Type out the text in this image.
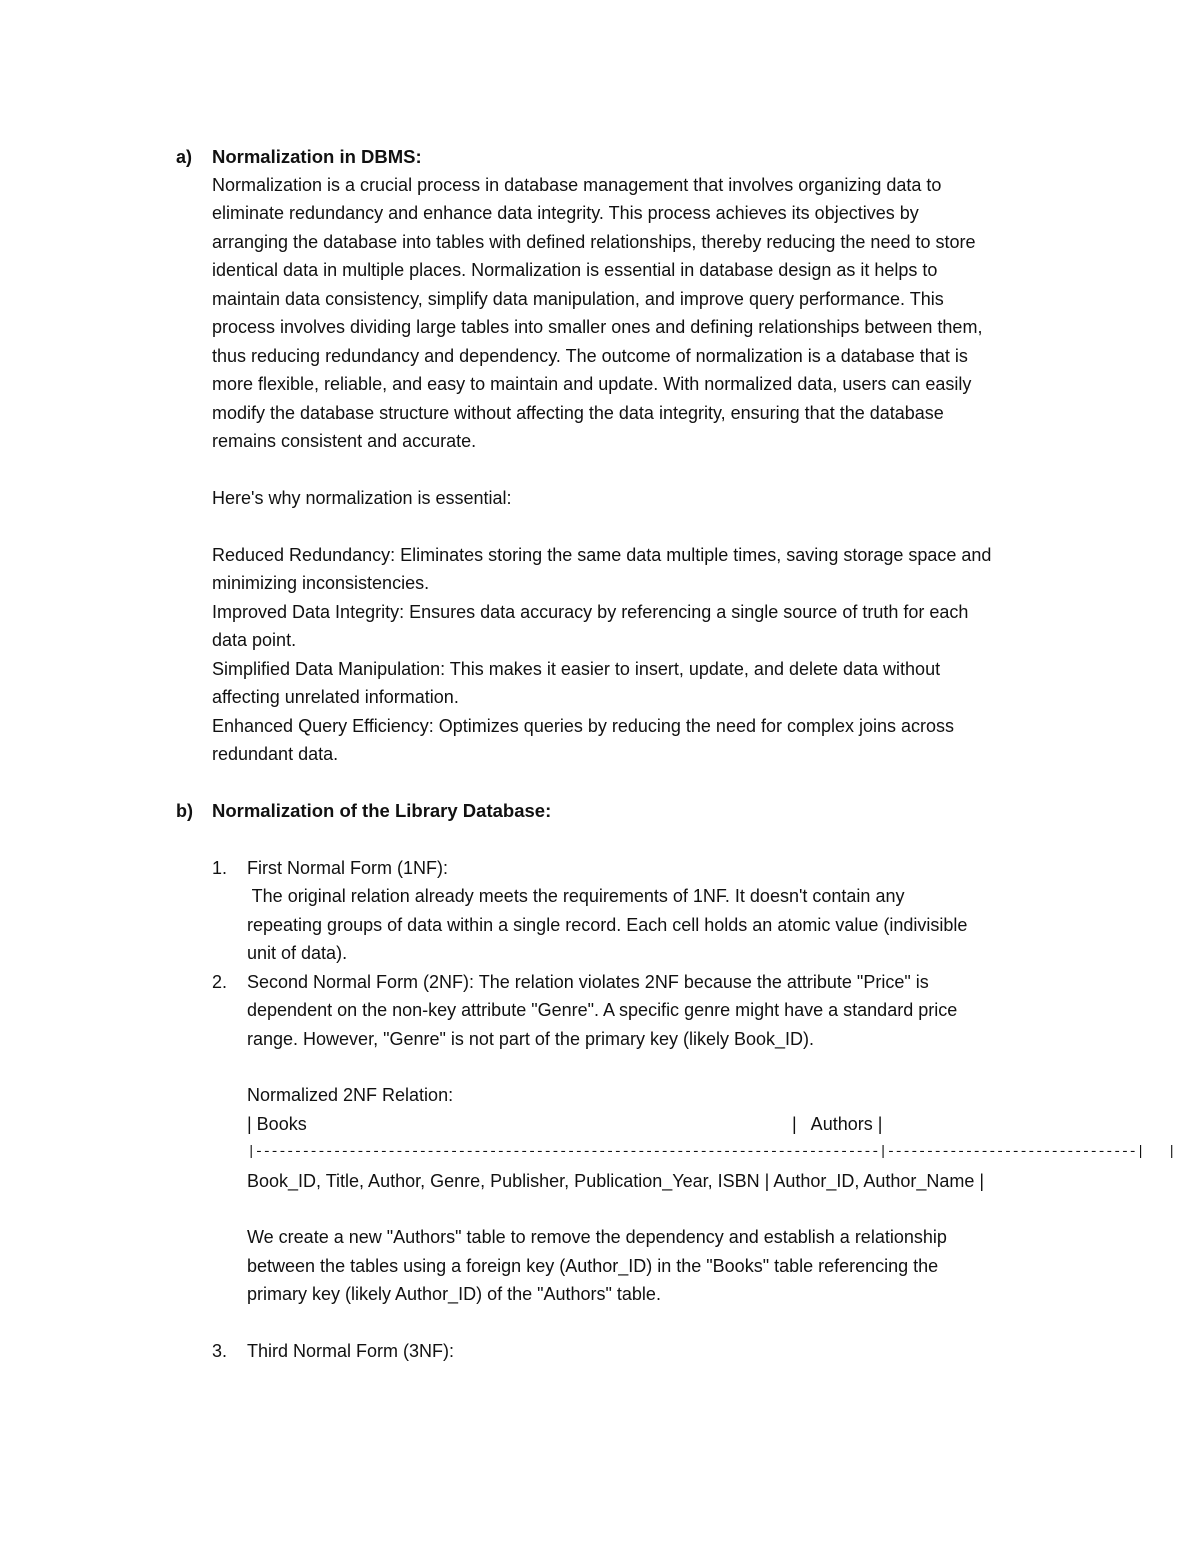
a) Normalization in DBMS:
Normalization is a crucial process in database management that involves organizing data to
eliminate redundancy and enhance data integrity. This process achieves its objectives by
arranging the database into tables with defined relationships, thereby reducing the need to store
identical data in multiple places. Normalization is essential in database design as it helps to
maintain data consistency, simplify data manipulation, and improve query performance. This
process involves dividing large tables into smaller ones and defining relationships between them,
thus reducing redundancy and dependency. The outcome of normalization is a database that is
more flexible, reliable, and easy to maintain and update. With normalized data, users can easily
modify the database structure without affecting the data integrity, ensuring that the database
remains consistent and accurate.
Here's why normalization is essential:
Reduced Redundancy: Eliminates storing the same data multiple times, saving storage space and
minimizing inconsistencies.
Improved Data Integrity: Ensures data accuracy by referencing a single source of truth for each
data point.
Simplified Data Manipulation: This makes it easier to insert, update, and delete data without
affecting unrelated information.
Enhanced Query Efficiency: Optimizes queries by reducing the need for complex joins across
redundant data.
b) Normalization of the Library Database:
1. First Normal Form (1NF):
The original relation already meets the requirements of 1NF. It doesn't contain any
repeating groups of data within a single record. Each cell holds an atomic value (indivisible
unit of data).
2. Second Normal Form (2NF): The relation violates 2NF because the attribute "Price" is
dependent on the non-key attribute "Genre". A specific genre might have a standard price
range. However, "Genre" is not part of the primary key (likely Book_ID).
Normalized 2NF Relation:
| Books	|   Authors |
|--------------------------------------------------------------------------------|--------------------------------|   |
Book_ID, Title, Author, Genre, Publisher, Publication_Year, ISBN | Author_ID, Author_Name |
We create a new "Authors" table to remove the dependency and establish a relationship
between the tables using a foreign key (Author_ID) in the "Books" table referencing the
primary key (likely Author_ID) of the "Authors" table.
3. Third Normal Form (3NF):
